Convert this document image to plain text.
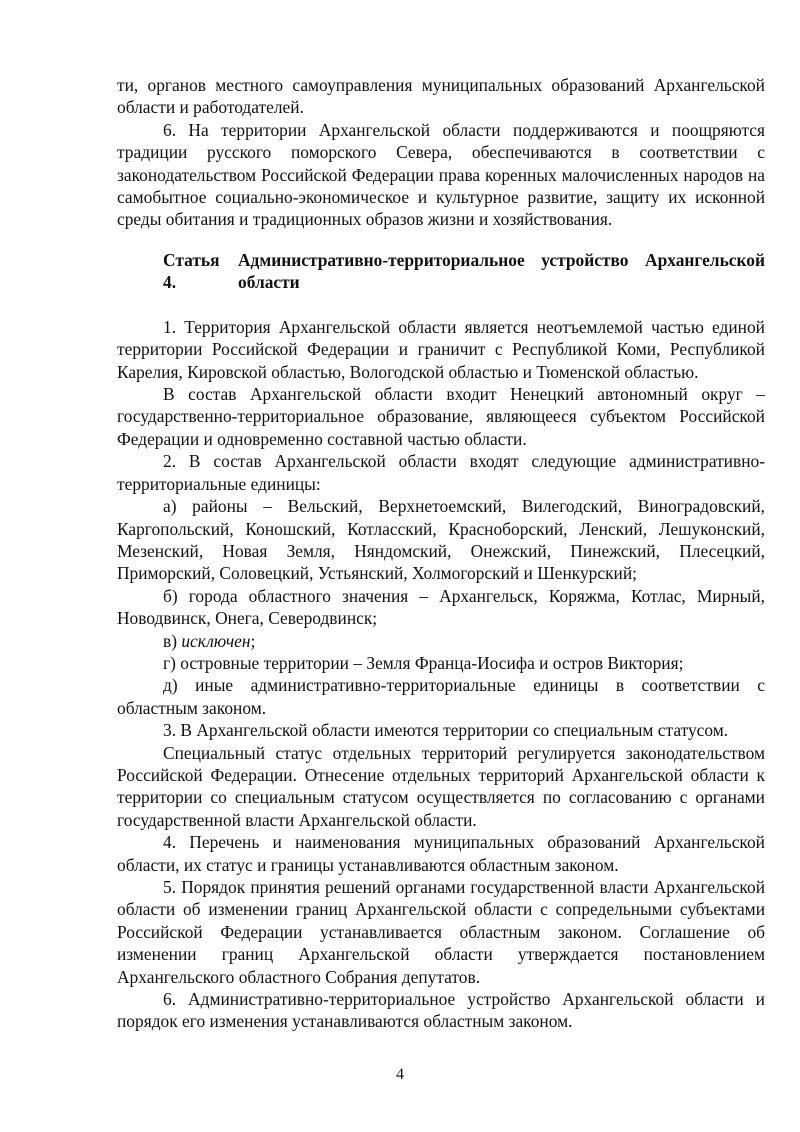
ти, органов местного самоуправления муниципальных образований Архангельской области и работодателей.

6. На территории Архангельской области поддерживаются и поощряются традиции русского поморского Севера, обеспечиваются в соответствии с законодательством Российской Федерации права коренных малочисленных народов на самобытное социально-экономическое и культурное развитие, защиту их исконной среды обитания и традиционных образов жизни и хозяйствования.

Статья 4.
Административно-территориальное устройство Архангельской области

1. Территория Архангельской области является неотъемлемой частью единой территории Российской Федерации и граничит с Республикой Коми, Республикой Карелия, Кировской областью, Вологодской областью и Тюменской областью.

В состав Архангельской области входит Ненецкий автономный округ – государственно-территориальное образование, являющееся субъектом Российской Федерации и одновременно составной частью области.

2. В состав Архангельской области входят следующие административно-территориальные единицы:

а) районы – Вельский, Верхнетоемский, Вилегодский, Виноградовский, Каргопольский, Коношский, Котласский, Красноборский, Ленский, Лешуконский, Мезенский, Новая Земля, Няндомский, Онежский, Пинежский, Плесецкий, Приморский, Соловецкий, Устьянский, Холмогорский и Шенкурский;

б) города областного значения – Архангельск, Коряжма, Котлас, Мирный, Новодвинск, Онега, Северодвинск;

в) исключен;

г) островные территории – Земля Франца-Иосифа и остров Виктория;

д) иные административно-территориальные единицы в соответствии с областным законом.

3. В Архангельской области имеются территории со специальным статусом.

Специальный статус отдельных территорий регулируется законодательством Российской Федерации. Отнесение отдельных территорий Архангельской области к территории со специальным статусом осуществляется по согласованию с органами государственной власти Архангельской области.

4. Перечень и наименования муниципальных образований Архангельской области, их статус и границы устанавливаются областным законом.

5. Порядок принятия решений органами государственной власти Архангельской области об изменении границ Архангельской области с сопредельными субъектами Российской Федерации устанавливается областным законом. Соглашение об изменении границ Архангельской области утверждается постановлением Архангельского областного Собрания депутатов.

6. Административно-территориальное устройство Архангельской области и порядок его изменения устанавливаются областным законом.

4
